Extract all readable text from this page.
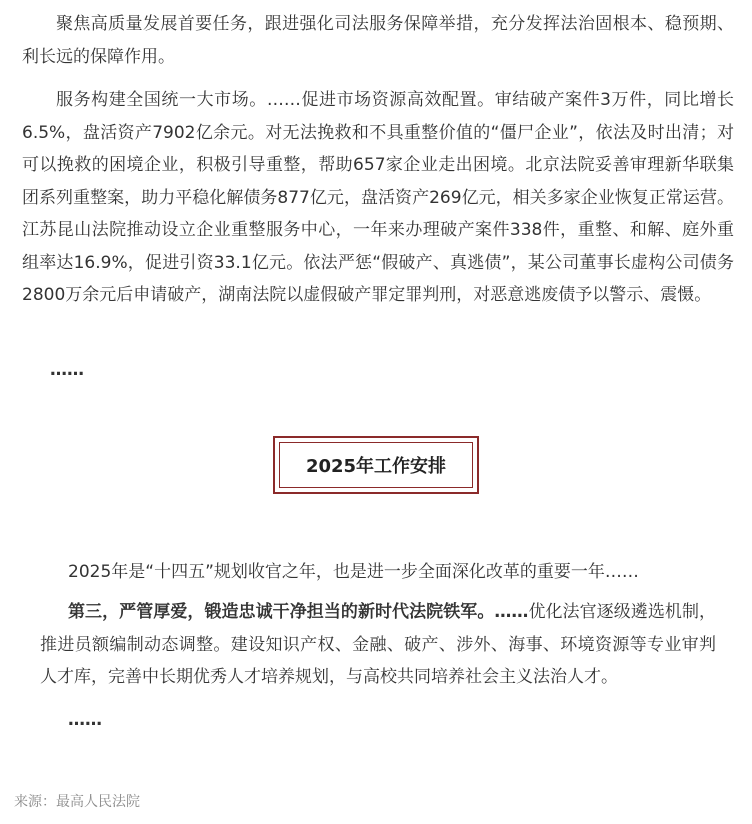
聚焦高质量发展首要任务，跟进强化司法服务保障举措，充分发挥法治固根本、稳预期、利长远的保障作用。

服务构建全国统一大市场。……促进市场资源高效配置。审结破产案件3万件，同比增长6.5%，盘活资产7902亿余元。对无法挽救和不具重整价值的“僵尸企业”，依法及时出清；对可以挽救的困境企业，积极引导重整，帮助657家企业走出困境。北京法院妥善审理新华联集团系列重整案，助力平稳化解债务877亿元，盘活资产269亿元，相关多家企业恢复正常运营。江苏昆山法院推动设立企业重整服务中心，一年来办理破产案件338件，重整、和解、庭外重组率达16.9%，促进引资33.1亿元。依法严惩“假破产、真逃债”，某公司董事长虚构公司债务2800万余元后申请破产，湖南法院以虚假破产罪定罪判刑，对恶意逃废债予以警示、震慑。

……
2025年工作安排

2025年是“十四五”规划收官之年，也是进一步全面深化改革的重要一年……

第三，严管厚爱，锻造忠诚干净担当的新时代法院铁军。……优化法官逐级遴选机制，推进员额编制动态调整。建设知识产权、金融、破产、涉外、海事、环境资源等专业审判人才库，完善中长期优秀人才培养规划，与高校共同培养社会主义法治人才。

……
来源：最高人民法院
